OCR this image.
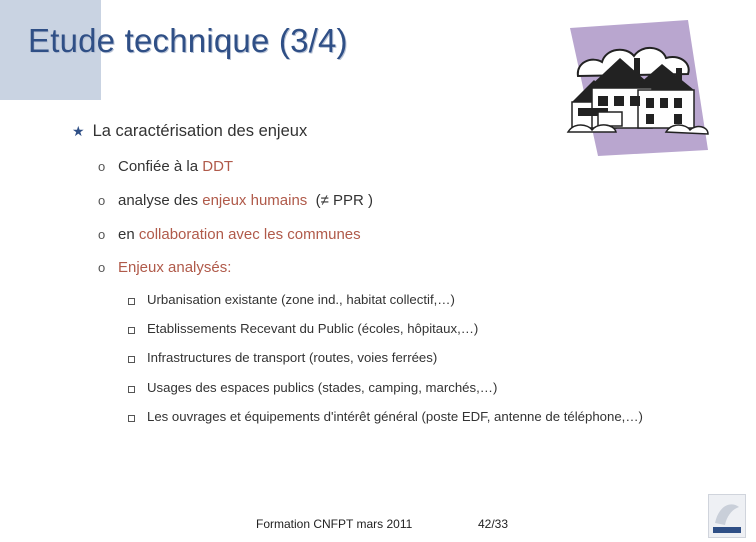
Etude technique (3/4)
★ La caractérisation des enjeux
o Confiée à la DDT
o analyse des enjeux humains  (≠ PPR )
o en collaboration avec les communes
o Enjeux analysés:
Urbanisation existante (zone ind., habitat collectif,…)
Etablissements Recevant du Public (écoles, hôpitaux,…)
Infrastructures de transport (routes, voies ferrées)
Usages des espaces publics (stades, camping, marchés,…)
Les ouvrages et équipements d'intérêt général (poste EDF, antenne de téléphone,…)
Formation CNFPT mars 2011	42/33
